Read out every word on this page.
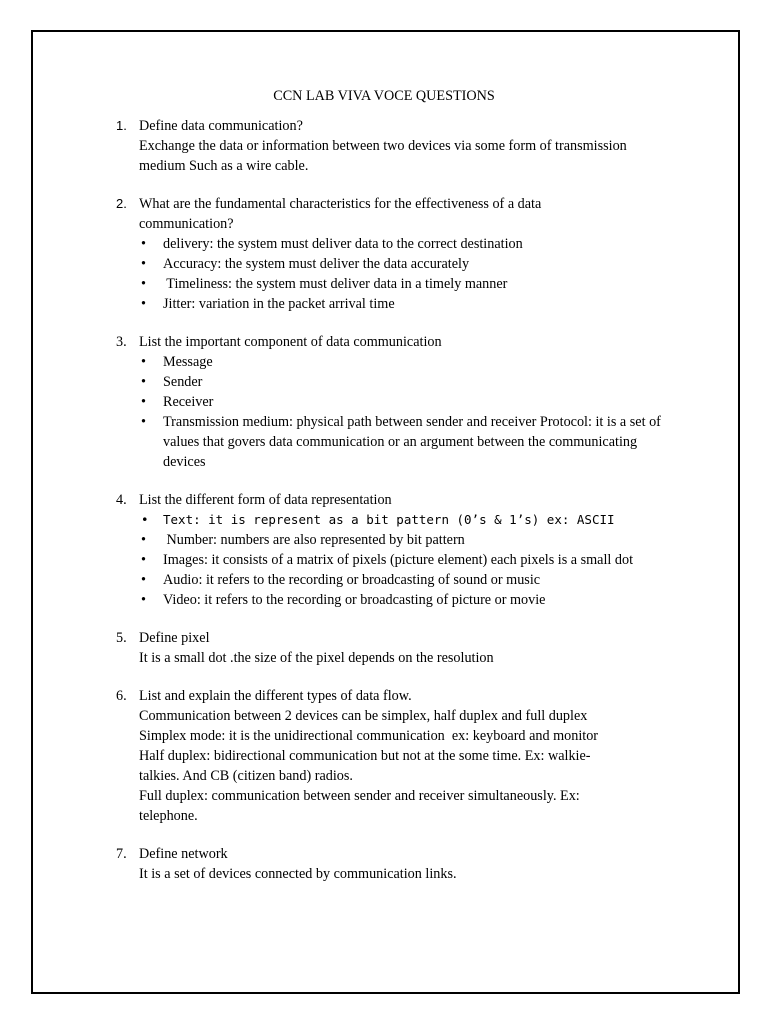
CCN LAB VIVA VOCE QUESTIONS
1. Define data communication?
Exchange the data or information between two devices via some form of transmission
medium Such as a wire cable.
2. What are the fundamental characteristics for the effectiveness of a data
communication?
• delivery: the system must deliver data to the correct destination
• Accuracy: the system must deliver the data accurately
•  Timeliness: the system must deliver data in a timely manner
• Jitter: variation in the packet arrival time
3. List the important component of data communication
• Message
• Sender
• Receiver
• Transmission medium: physical path between sender and receiver Protocol: it is a set of values that govers data communication or an argument between the communicating devices
4. List the different form of data representation
• Text: it is represent as a bit pattern (0’s & 1’s) ex: ASCII
•  Number: numbers are also represented by bit pattern
• Images: it consists of a matrix of pixels (picture element) each pixels is a small dot
• Audio: it refers to the recording or broadcasting of sound or music
• Video: it refers to the recording or broadcasting of picture or movie
5. Define pixel
It is a small dot .the size of the pixel depends on the resolution
6. List and explain the different types of data flow.
Communication between 2 devices can be simplex, half duplex and full duplex
Simplex mode: it is the unidirectional communication  ex: keyboard and monitor
Half duplex: bidirectional communication but not at the some time. Ex: walkie-
talkies. And CB (citizen band) radios.
Full duplex: communication between sender and receiver simultaneously. Ex:
telephone.
7. Define network
It is a set of devices connected by communication links.
